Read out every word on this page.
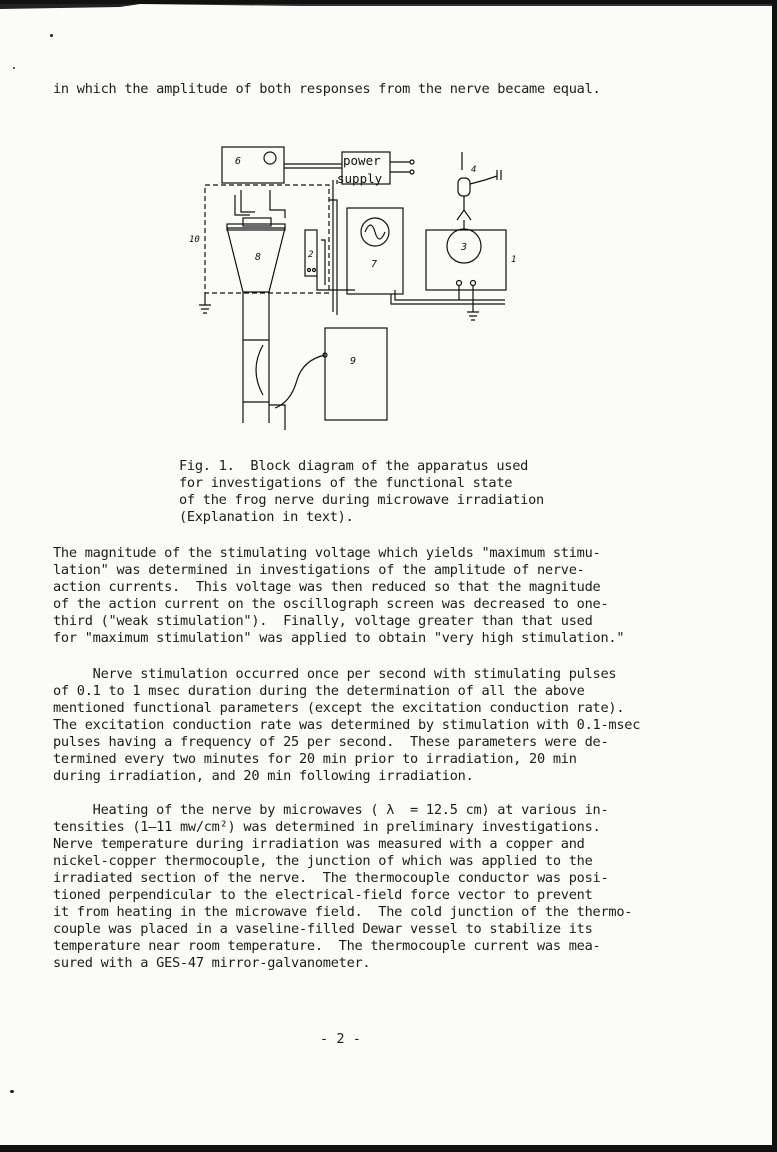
in which the amplitude of both responses from the nerve became equal.
6	power
supply
10
8	2
7
3
1
4
9
Fig. 1.  Block diagram of the apparatus used
for investigations of the functional state
of the frog nerve during microwave irradiation
(Explanation in text).
The magnitude of the stimulating voltage which yields "maximum stimu-
lation" was determined in investigations of the amplitude of nerve-
action currents.  This voltage was then reduced so that the magnitude
of the action current on the oscillograph screen was decreased to one-
third ("weak stimulation").  Finally, voltage greater than that used
for "maximum stimulation" was applied to obtain "very high stimulation."
Nerve stimulation occurred once per second with stimulating pulses
of 0.1 to 1 msec duration during the determination of all the above
mentioned functional parameters (except the excitation conduction rate).
The excitation conduction rate was determined by stimulation with 0.1-msec
pulses having a frequency of 25 per second.  These parameters were de-
termined every two minutes for 20 min prior to irradiation, 20 min
during irradiation, and 20 min following irradiation.
Heating of the nerve by microwaves ( λ  = 12.5 cm) at various in-
tensities (1—11 mw/cm²) was determined in preliminary investigations.
Nerve temperature during irradiation was measured with a copper and
nickel-copper thermocouple, the junction of which was applied to the
irradiated section of the nerve.  The thermocouple conductor was posi-
tioned perpendicular to the electrical-field force vector to prevent
it from heating in the microwave field.  The cold junction of the thermo-
couple was placed in a vaseline-filled Dewar vessel to stabilize its
temperature near room temperature.  The thermocouple current was mea-
sured with a GES-47 mirror-galvanometer.
- 2 -
